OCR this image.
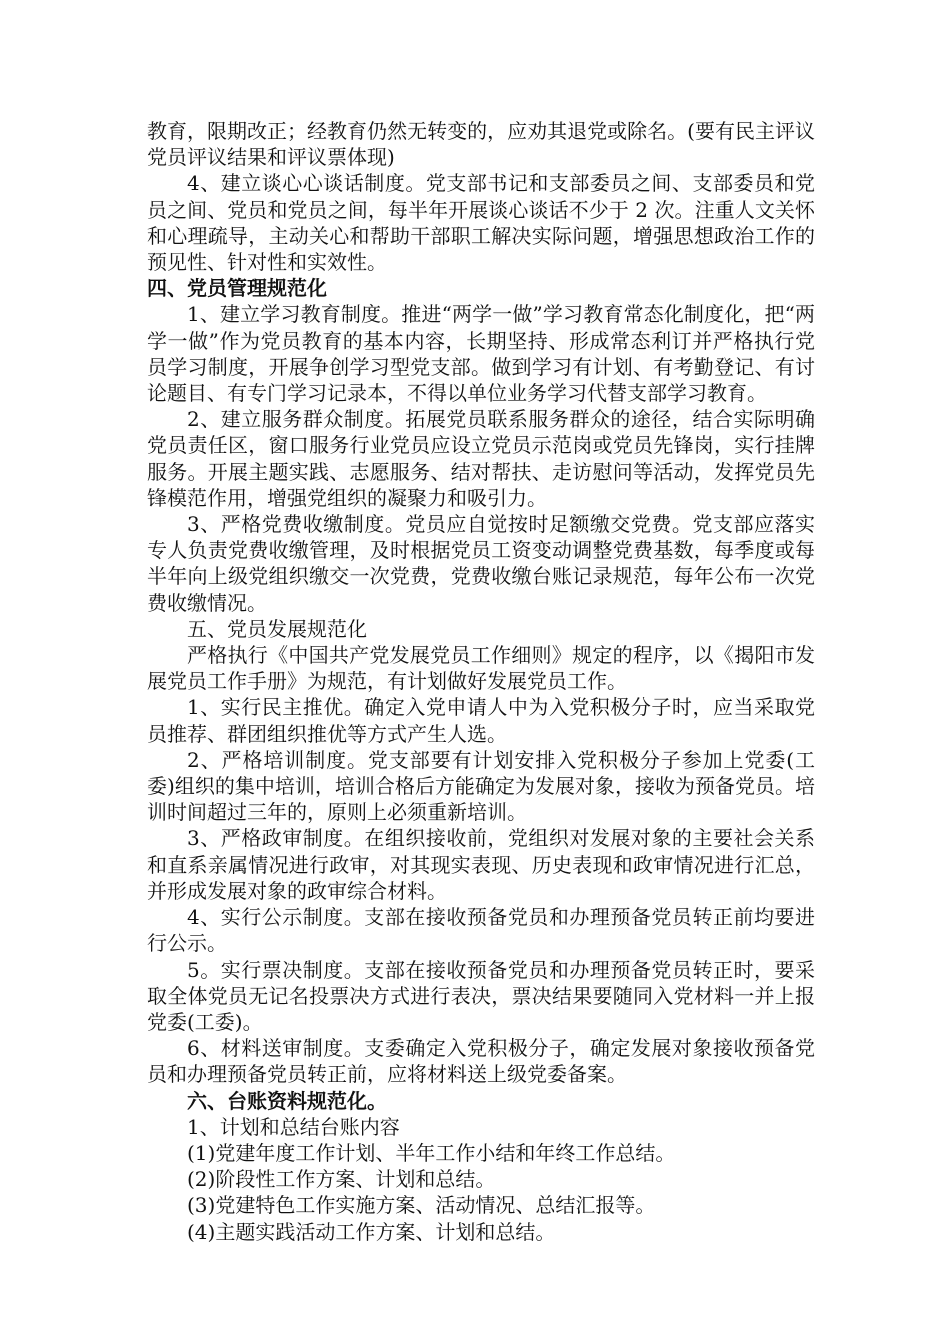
教育，限期改正；经教育仍然无转变的，应劝其退党或除名。(要有民主评议党员评议结果和评议票体现)

4、建立谈心心谈话制度。党支部书记和支部委员之间、支部委员和党员之间、党员和党员之间，每半年开展谈心谈话不少于 2 次。注重人文关怀和心理疏导，主动关心和帮助干部职工解决实际问题，增强思想政治工作的预见性、针对性和实效性。

四、党员管理规范化

1、建立学习教育制度。推进“两学一做”学习教育常态化制度化，把“两学一做”作为党员教育的基本内容，长期坚持、形成常态利订并严格执行党员学习制度，开展争创学习型党支部。做到学习有计划、有考勤登记、有讨论题目、有专门学习记录本，不得以单位业务学习代替支部学习教育。

2、建立服务群众制度。拓展党员联系服务群众的途径，结合实际明确党员责任区，窗口服务行业党员应设立党员示范岗或党员先锋岗，实行挂牌服务。开展主题实践、志愿服务、结对帮扶、走访慰问等活动，发挥党员先锋模范作用，增强党组织的凝聚力和吸引力。

3、严格党费收缴制度。党员应自觉按时足额缴交党费。党支部应落实专人负责党费收缴管理，及时根据党员工资变动调整党费基数，每季度或每半年向上级党组织缴交一次党费，党费收缴台账记录规范，每年公布一次党费收缴情况。

五、党员发展规范化

严格执行《中国共产党发展党员工作细则》规定的程序，以《揭阳市发展党员工作手册》为规范，有计划做好发展党员工作。

1、实行民主推优。确定入党申请人中为入党积极分子时，应当采取党员推荐、群团组织推优等方式产生人选。

2、严格培训制度。党支部要有计划安排入党积极分子参加上党委(工委)组织的集中培训，培训合格后方能确定为发展对象，接收为预备党员。培训时间超过三年的，原则上必须重新培训。

3、严格政审制度。在组织接收前，党组织对发展对象的主要社会关系和直系亲属情况进行政审，对其现实表现、历史表现和政审情况进行汇总，并形成发展对象的政审综合材料。

4、实行公示制度。支部在接收预备党员和办理预备党员转正前均要进行公示。

5。实行票决制度。支部在接收预备党员和办理预备党员转正时，要采取全体党员无记名投票决方式进行表决，票决结果要随同入党材料一并上报党委(工委)。

6、材料送审制度。支委确定入党积极分子，确定发展对象接收预备党员和办理预备党员转正前，应将材料送上级党委备案。

六、台账资料规范化。

1、计划和总结台账内容

(1)党建年度工作计划、半年工作小结和年终工作总结。

(2)阶段性工作方案、计划和总结。

(3)党建特色工作实施方案、活动情况、总结汇报等。

(4)主题实践活动工作方案、计划和总结。
